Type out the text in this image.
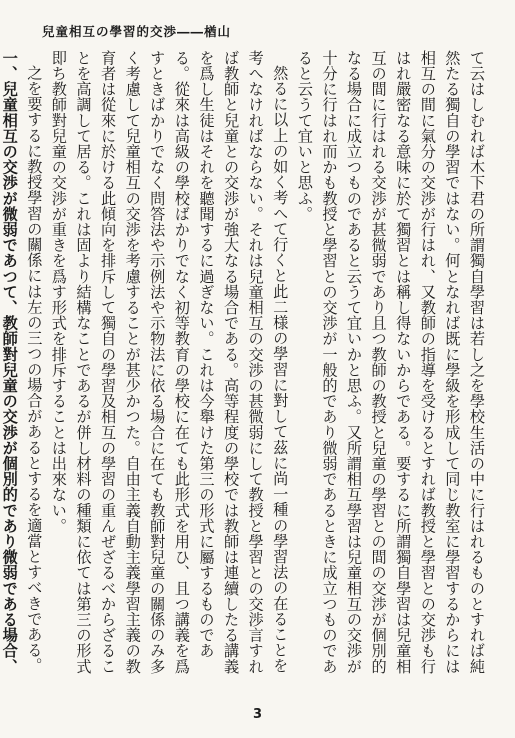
兒童相互の學習的交渉――楢山

て云はしむれば木下君の所謂獨自學習は若し之を學校生活の中に行はれるものとすれば純然たる獨自の學習ではない。何となれば既に學級を形成して同じ教室に學習するからには相互の間に氣分の交渉が行はれ、又教師の指導を受けるとすれば教授と學習との交渉も行はれ嚴密なる意味に於て獨習とは稱し得ないからである。要するに所謂獨自學習は兒童相互の間に行はれる交渉が甚微弱であり且つ教師の教授と兒童の學習との間の交渉が個別的なる場合に成立つものであると云うて宜いかと思ふ。又所謂相互學習は兒童相互の交渉が十分に行はれ而かも教授と學習との交渉が一般的であり微弱であるときに成立つものであると云うて宜いと思ふ。

然るに以上の如く考へて行くと此二様の學習に對して茲に尚一種の學習法の在ることを考へなければならない。それは兒童相互の交渉の甚微弱にして教授と學習との交渉言すれば教師と兒童との交渉が強大なる場合である。高等程度の學校では教師は連續したる講義を爲し生徒はそれを聽聞するに過ぎない。これは今舉けた第三の形式に屬するものである。從來は高級の學校ばかりでなく初等教育の學校に在ても此形式を用ひ、且つ講義を爲すときばかりでなく問答法や示例法や示物法に依る場合に在ても教師對兒童の關係のみ多く考慮して兒童相互の交渉を考慮することが甚少かつた。自由主義自動主義學習主義の教育者は從來に於ける此傾向を排斥して獨自の學習及相互の學習の重んぜざるべからざることを高調して居る。これは固より結構なことであるが併し材料の種類に依ては第三の形式即ち教師對兒童の交渉が重きを爲す形式を排斥することは出來ない。

之を要するに教授學習の關係には左の三つの場合があるとするを適當とすべきである。

一、兒童相互の交渉が微弱であつて、教師對兒童の交渉が個別的であり微弱である場合、

3
